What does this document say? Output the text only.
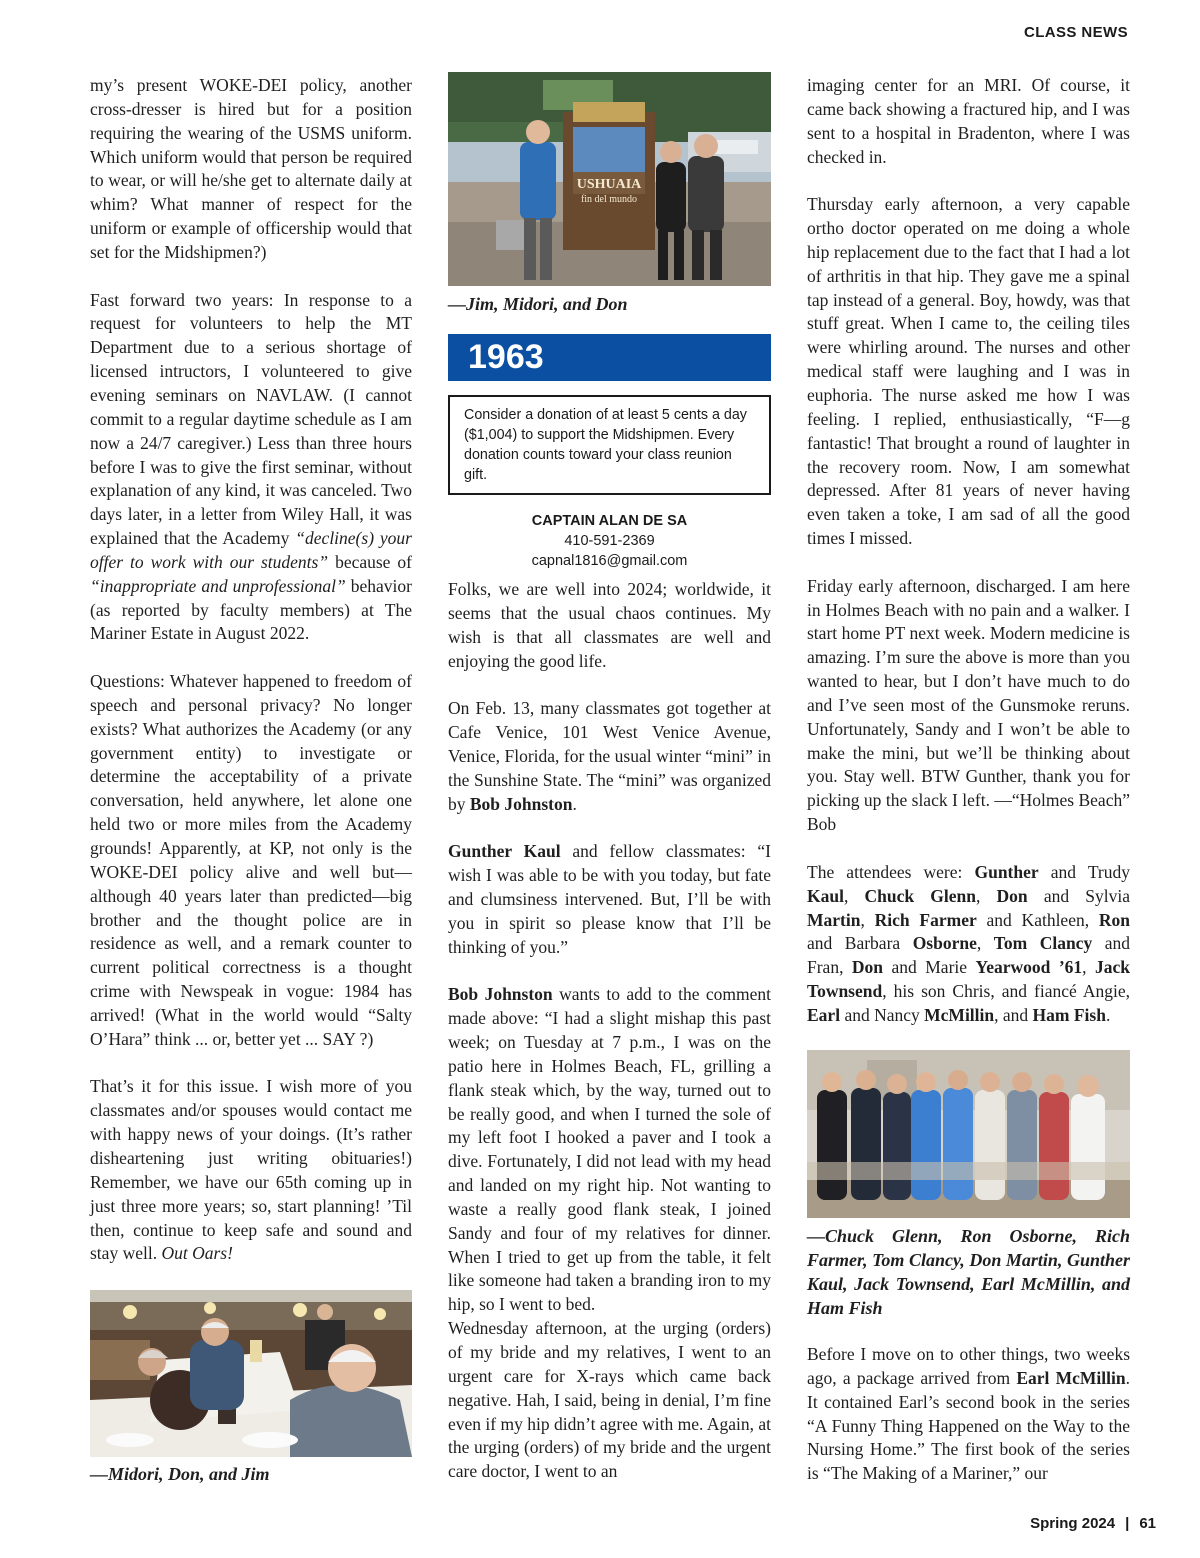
CLASS NEWS

my’s present WOKE-DEI policy, another cross-dresser is hired but for a position requiring the wearing of the USMS uniform. Which uniform would that person be required to wear, or will he/she get to alternate daily at whim? What manner of respect for the uniform or example of officership would that set for the Midshipmen?)

Fast forward two years: In response to a request for volunteers to help the MT Department due to a serious shortage of licensed intructors, I volunteered to give evening seminars on NAVLAW. (I cannot commit to a regular daytime schedule as I am now a 24/7 caregiver.) Less than three hours before I was to give the first seminar, without explanation of any kind, it was canceled. Two days later, in a letter from Wiley Hall, it was explained that the Academy “decline(s) your offer to work with our students” because of “inappropriate and unprofessional” behavior (as reported by faculty members) at The Mariner Estate in August 2022.

Questions: Whatever happened to freedom of speech and personal privacy? No longer exists? What authorizes the Academy (or any government entity) to investigate or determine the acceptability of a private conversation, held anywhere, let alone one held two or more miles from the Academy grounds! Apparently, at KP, not only is the WOKE-DEI policy alive and well but—although 40 years later than predicted—big brother and the thought police are in residence as well, and a remark counter to current political correctness is a thought crime with Newspeak in vogue: 1984 has arrived! (What in the world would “Salty O’Hara” think ... or, better yet ... SAY ?)

That’s it for this issue. I wish more of you classmates and/or spouses would contact me with happy news of your doings. (It’s rather disheartening just writing obituaries!) Remember, we have our 65th coming up in just three more years; so, start planning! ’Til then, continue to keep safe and sound and stay well. Out Oars!

—Midori, Don, and Jim
USHUAIA
fin del mundo
—Jim, Midori, and Don
1963
Consider a donation of at least 5 cents a day ($1,004) to support the Midshipmen. Every donation counts toward your class reunion gift.
CAPTAIN ALAN DE SA
410-591-2369
capnal1816@gmail.com

Folks, we are well into 2024; worldwide, it seems that the usual chaos continues. My wish is that all classmates are well and enjoying the good life.

On Feb. 13, many classmates got together at Cafe Venice, 101 West Venice Avenue, Venice, Florida, for the usual winter “mini” in the Sunshine State. The “mini” was organized by Bob Johnston.

Gunther Kaul and fellow classmates: “I wish I was able to be with you today, but fate and clumsiness intervened. But, I’ll be with you in spirit so please know that I’ll be thinking of you.”

Bob Johnston wants to add to the comment made above: “I had a slight mishap this past week; on Tuesday at 7 p.m., I was on the patio here in Holmes Beach, FL, grilling a flank steak which, by the way, turned out to be really good, and when I turned the sole of my left foot I hooked a paver and I took a dive. Fortunately, I did not lead with my head and landed on my right hip. Not wanting to waste a really good flank steak, I joined Sandy and four of my relatives for dinner. When I tried to get up from the table, it felt like someone had taken a branding iron to my hip, so I went to bed.

Wednesday afternoon, at the urging (orders) of my bride and my relatives, I went to an urgent care for X-rays which came back negative. Hah, I said, being in denial, I’m fine even if my hip didn’t agree with me. Again, at the urging (orders) of my bride and the urgent care doctor, I went to an

imaging center for an MRI. Of course, it came back showing a fractured hip, and I was sent to a hospital in Bradenton, where I was checked in.

Thursday early afternoon, a very capable ortho doctor operated on me doing a whole hip replacement due to the fact that I had a lot of arthritis in that hip. They gave me a spinal tap instead of a general. Boy, howdy, was that stuff great. When I came to, the ceiling tiles were whirling around. The nurses and other medical staff were laughing and I was in euphoria. The nurse asked me how I was feeling. I replied, enthusiastically, “F—g fantastic! That brought a round of laughter in the recovery room. Now, I am somewhat depressed. After 81 years of never having even taken a toke, I am sad of all the good times I missed.

Friday early afternoon, discharged. I am here in Holmes Beach with no pain and a walker. I start home PT next week. Modern medicine is amazing. I’m sure the above is more than you wanted to hear, but I don’t have much to do and I’ve seen most of the Gunsmoke reruns. Unfortunately, Sandy and I won’t be able to make the mini, but we’ll be thinking about you. Stay well. BTW Gunther, thank you for picking up the slack I left. —“Holmes Beach” Bob

The attendees were: Gunther and Trudy Kaul, Chuck Glenn, Don and Sylvia Martin, Rich Farmer and Kathleen, Ron and Barbara Osborne, Tom Clancy and Fran, Don and Marie Yearwood ’61, Jack Townsend, his son Chris, and fiancé Angie, Earl and Nancy McMillin, and Ham Fish.

—Chuck Glenn, Ron Osborne, Rich Farmer, Tom Clancy, Don Martin, Gunther Kaul, Jack Townsend, Earl McMillin, and Ham Fish

Before I move on to other things, two weeks ago, a package arrived from Earl McMillin. It contained Earl’s second book in the series “A Funny Thing Happened on the Way to the Nursing Home.” The first book of the series is “The Making of a Mariner,” our

Spring 2024 | 61
